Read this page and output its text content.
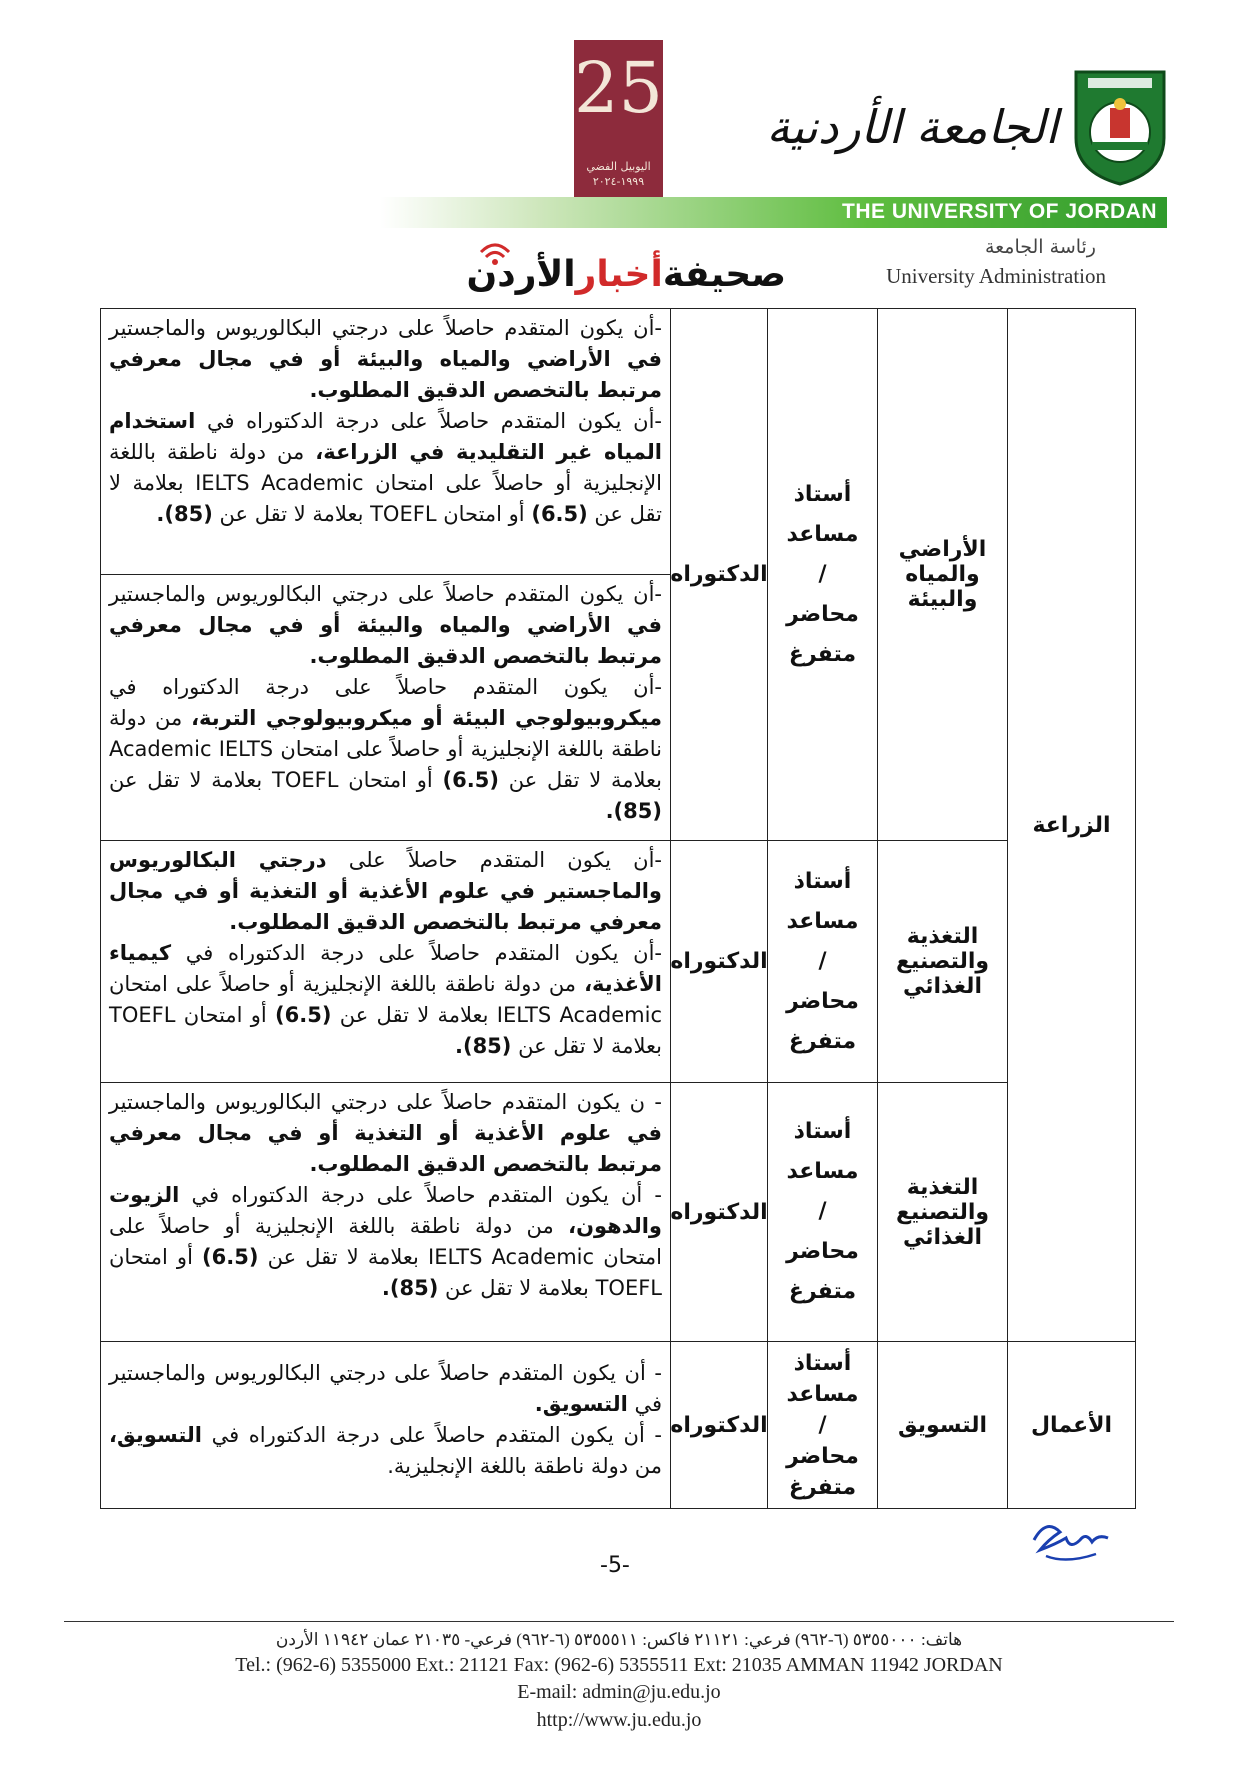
25
اليوبيل الفضي
١٩٩٩-٢٠٢٤
الجامعة الأردنية
THE UNIVERSITY OF JORDAN
رئاسة الجامعة
University Administration
صحيفةأخبارالأردن
الزراعة
الأراضي والمياه والبيئة
أستاذ
مساعد
/
محاضر
متفرغ
الدكتوراه

-أن يكون المتقدم حاصلاً على درجتي البكالوريوس والماجستير في الأراضي والمياه والبيئة أو في مجال معرفي مرتبط بالتخصص الدقيق المطلوب.

-أن يكون المتقدم حاصلاً على درجة الدكتوراه في استخدام المياه غير التقليدية في الزراعة، من دولة ناطقة باللغة الإنجليزية أو حاصلاً على امتحان IELTS Academic بعلامة لا تقل عن (6.5) أو امتحان TOEFL بعلامة لا تقل عن (85).

-أن يكون المتقدم حاصلاً على درجتي البكالوريوس والماجستير في الأراضي والمياه والبيئة أو في مجال معرفي مرتبط بالتخصص الدقيق المطلوب.

-أن يكون المتقدم حاصلاً على درجة الدكتوراه في ميكروبيولوجي البيئة أو ميكروبيولوجي التربة، من دولة ناطقة باللغة الإنجليزية أو حاصلاً على امتحان Academic IELTS بعلامة لا تقل عن (6.5) أو امتحان TOEFL بعلامة لا تقل عن (85).

التغذية والتصنيع الغذائي
أستاذ
مساعد
/
محاضر
متفرغ
الدكتوراه

-أن يكون المتقدم حاصلاً على درجتي البكالوريوس والماجستير في علوم الأغذية أو التغذية أو في مجال معرفي مرتبط بالتخصص الدقيق المطلوب.

-أن يكون المتقدم حاصلاً على درجة الدكتوراه في كيمياء الأغذية، من دولة ناطقة باللغة الإنجليزية أو حاصلاً على امتحان IELTS Academic بعلامة لا تقل عن (6.5) أو امتحان TOEFL بعلامة لا تقل عن (85).

التغذية والتصنيع الغذائي
أستاذ
مساعد
/
محاضر
متفرغ
الدكتوراه

- ن يكون المتقدم حاصلاً على درجتي البكالوريوس والماجستير في علوم الأغذية أو التغذية أو في مجال معرفي مرتبط بالتخصص الدقيق المطلوب.

- أن يكون المتقدم حاصلاً على درجة الدكتوراه في الزيوت والدهون، من دولة ناطقة باللغة الإنجليزية أو حاصلاً على امتحان IELTS Academic بعلامة لا تقل عن (6.5) أو امتحان TOEFL بعلامة لا تقل عن (85).

الأعمال
التسويق
أستاذ
مساعد
/
محاضر
متفرغ
الدكتوراه

- أن يكون المتقدم حاصلاً على درجتي البكالوريوس والماجستير في التسويق.

- أن يكون المتقدم حاصلاً على درجة الدكتوراه في التسويق، من دولة ناطقة باللغة الإنجليزية.

-5-
هاتف: ٥٣٥٥٠٠٠ (٦-٩٦٢) فرعي: ٢١١٢١ فاكس: ٥٣٥٥٥١١ (٦-٩٦٢) فرعي- ٢١٠٣٥ عمان ١١٩٤٢ الأردن
Tel.: (962-6) 5355000 Ext.: 21121 Fax: (962-6) 5355511 Ext: 21035 AMMAN 11942 JORDAN
E-mail: admin@ju.edu.jo
http://www.ju.edu.jo
